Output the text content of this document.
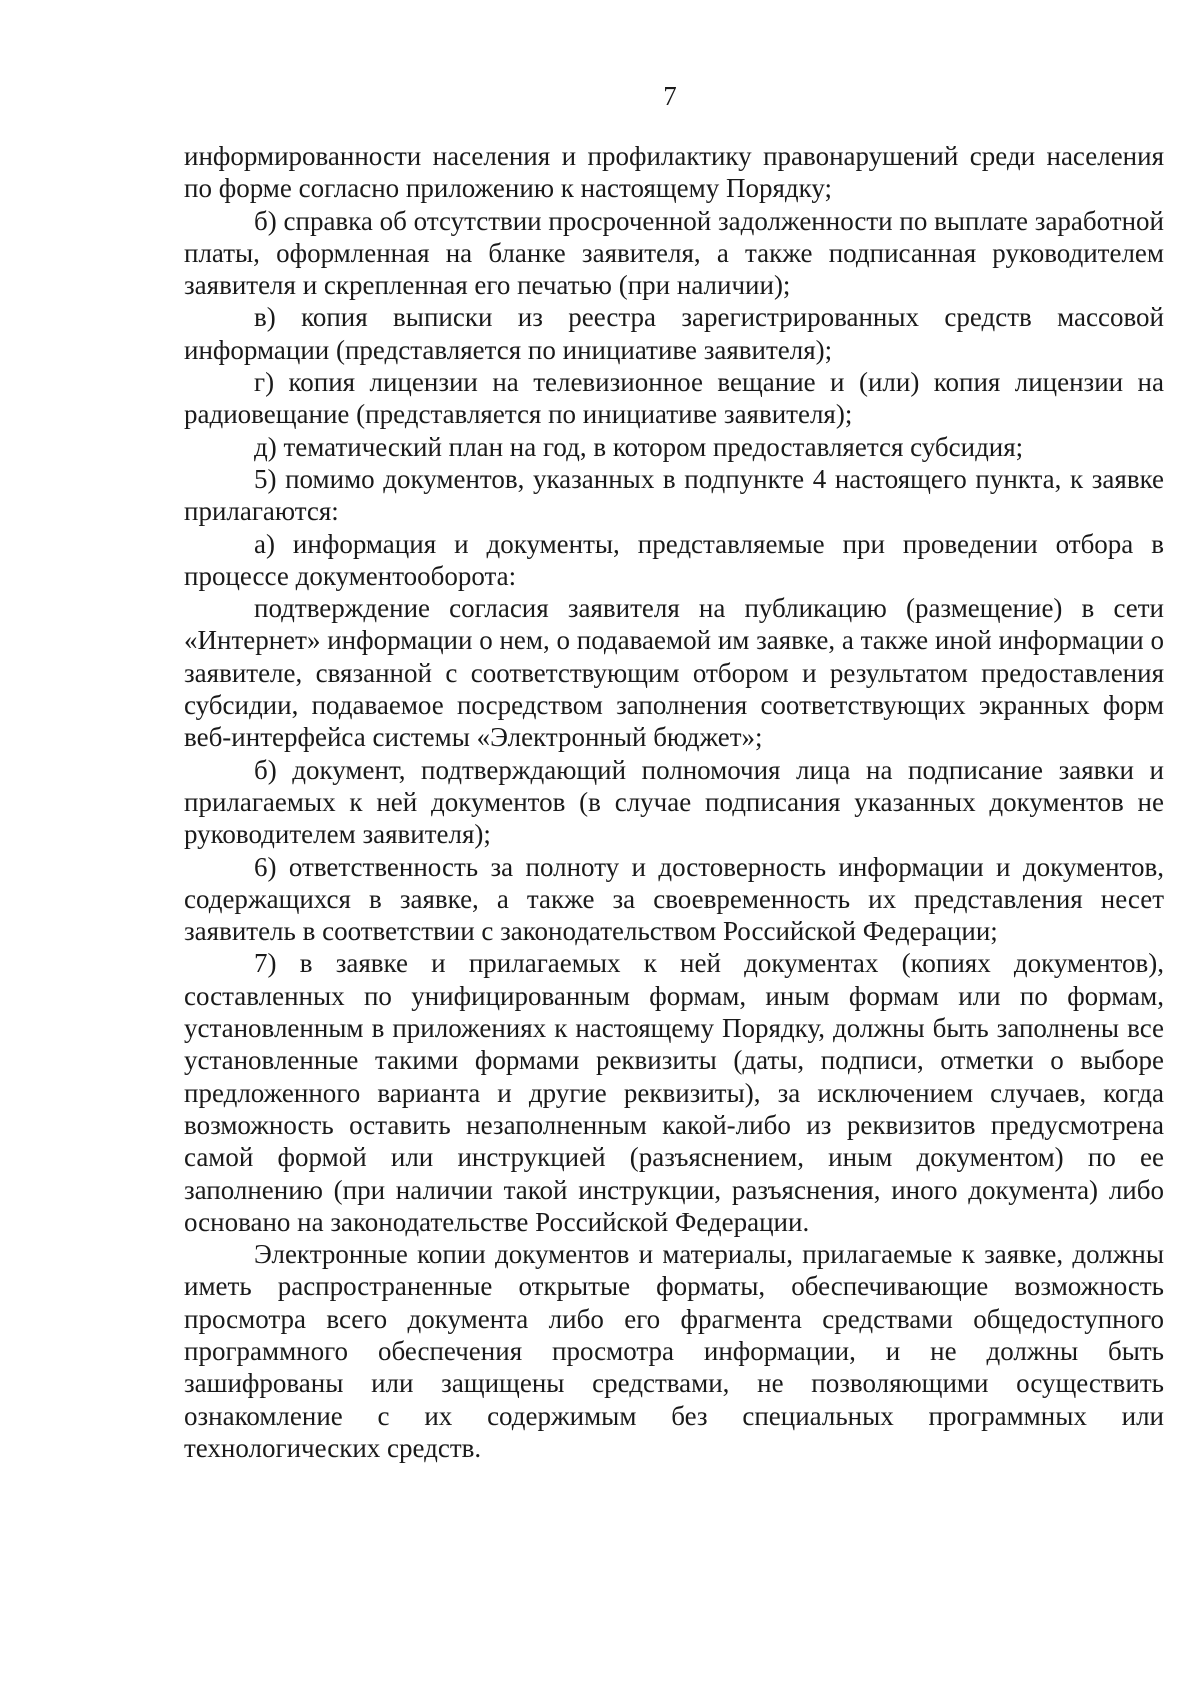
7

информированности населения и профилактику правонарушений среди населения по форме согласно приложению к настоящему Порядку;

б) справка об отсутствии просроченной задолженности по выплате заработной платы, оформленная на бланке заявителя, а также подписанная руководителем заявителя и скрепленная его печатью (при наличии);

в) копия выписки из реестра зарегистрированных средств массовой информации (представляется по инициативе заявителя);

г) копия лицензии на телевизионное вещание и (или) копия лицензии на радиовещание (представляется по инициативе заявителя);

д) тематический план на год, в котором предоставляется субсидия;

5) помимо документов, указанных в подпункте 4 настоящего пункта, к заявке прилагаются:

а) информация и документы, представляемые при проведении отбора в процессе документооборота:

подтверждение согласия заявителя на публикацию (размещение) в сети «Интернет» информации о нем, о подаваемой им заявке, а также иной информации о заявителе, связанной с соответствующим отбором и результатом предоставления субсидии, подаваемое посредством заполнения соответствующих экранных форм веб-интерфейса системы «Электронный бюджет»;

б) документ, подтверждающий полномочия лица на подписание заявки и прилагаемых к ней документов (в случае подписания указанных документов не руководителем заявителя);

6) ответственность за полноту и достоверность информации и документов, содержащихся в заявке, а также за своевременность их представления несет заявитель в соответствии с законодательством Российской Федерации;

7) в заявке и прилагаемых к ней документах (копиях документов), составленных по унифицированным формам, иным формам или по формам, установленным в приложениях к настоящему Порядку, должны быть заполнены все установленные такими формами реквизиты (даты, подписи, отметки о выборе предложенного варианта и другие реквизиты), за исключением случаев, когда возможность оставить незаполненным какой-либо из реквизитов предусмотрена самой формой или инструкцией (разъяснением, иным документом) по ее заполнению (при наличии такой инструкции, разъяснения, иного документа) либо основано на законодательстве Российской Федерации.

Электронные копии документов и материалы, прилагаемые к заявке, должны иметь распространенные открытые форматы, обеспечивающие возможность просмотра всего документа либо его фрагмента средствами общедоступного программного обеспечения просмотра информации, и не должны быть зашифрованы или защищены средствами, не позволяющими осуществить ознакомление с их содержимым без специальных программных или технологических средств.
